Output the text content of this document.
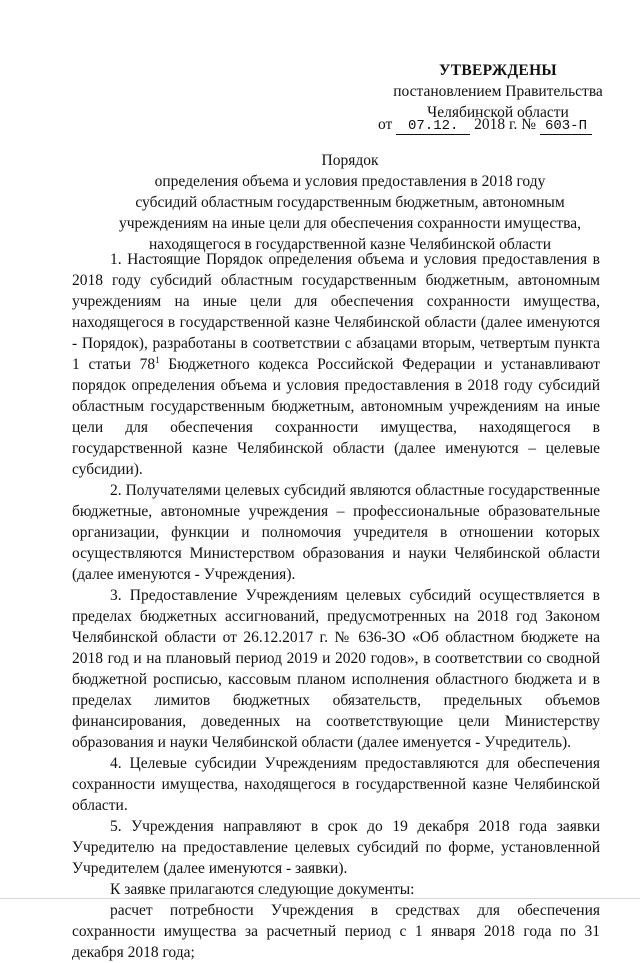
УТВЕРЖДЕНЫ
постановлением Правительства
Челябинской области
от 07.12. 2018 г. № 603-П
Порядок
определения объема и условия предоставления в 2018 году
субсидий областным государственным бюджетным, автономным
учреждениям на иные цели для обеспечения сохранности имущества,
находящегося в государственной казне Челябинской области

1. Настоящие Порядок определения объема и условия предоставления в 2018 году субсидий областным государственным бюджетным, автономным учреждениям на иные цели для обеспечения сохранности имущества, находящегося в государственной казне Челябинской области (далее именуются - Порядок), разработаны в соответствии с абзацами вторым, четвертым пункта 1 статьи $78^1$ Бюджетного кодекса Российской Федерации и устанавливают порядок определения объема и условия предоставления в 2018 году субсидий областным государственным бюджетным, автономным учреждениям на иные цели для обеспечения сохранности имущества, находящегося в государственной казне Челябинской области (далее именуются – целевые субсидии).

2. Получателями целевых субсидий являются областные государственные бюджетные, автономные учреждения – профессиональные образовательные организации, функции и полномочия учредителя в отношении которых осуществляются Министерством образования и науки Челябинской области (далее именуются - Учреждения).

3. Предоставление Учреждениям целевых субсидий осуществляется в пределах бюджетных ассигнований, предусмотренных на 2018 год Законом Челябинской области от 26.12.2017 г. № 636-ЗО «Об областном бюджете на 2018 год и на плановый период 2019 и 2020 годов», в соответствии со сводной бюджетной росписью, кассовым планом исполнения областного бюджета и в пределах лимитов бюджетных обязательств, предельных объемов финансирования, доведенных на соответствующие цели Министерству образования и науки Челябинской области (далее именуется - Учредитель).

4. Целевые субсидии Учреждениям предоставляются для обеспечения сохранности имущества, находящегося в государственной казне Челябинской области.

5. Учреждения направляют в срок до 19 декабря 2018 года заявки Учредителю на предоставление целевых субсидий по форме, установленной Учредителем (далее именуются - заявки).

К заявке прилагаются следующие документы:

расчет потребности Учреждения в средствах для обеспечения сохранности имущества за расчетный период с 1 января 2018 года по 31 декабря 2018 года;
